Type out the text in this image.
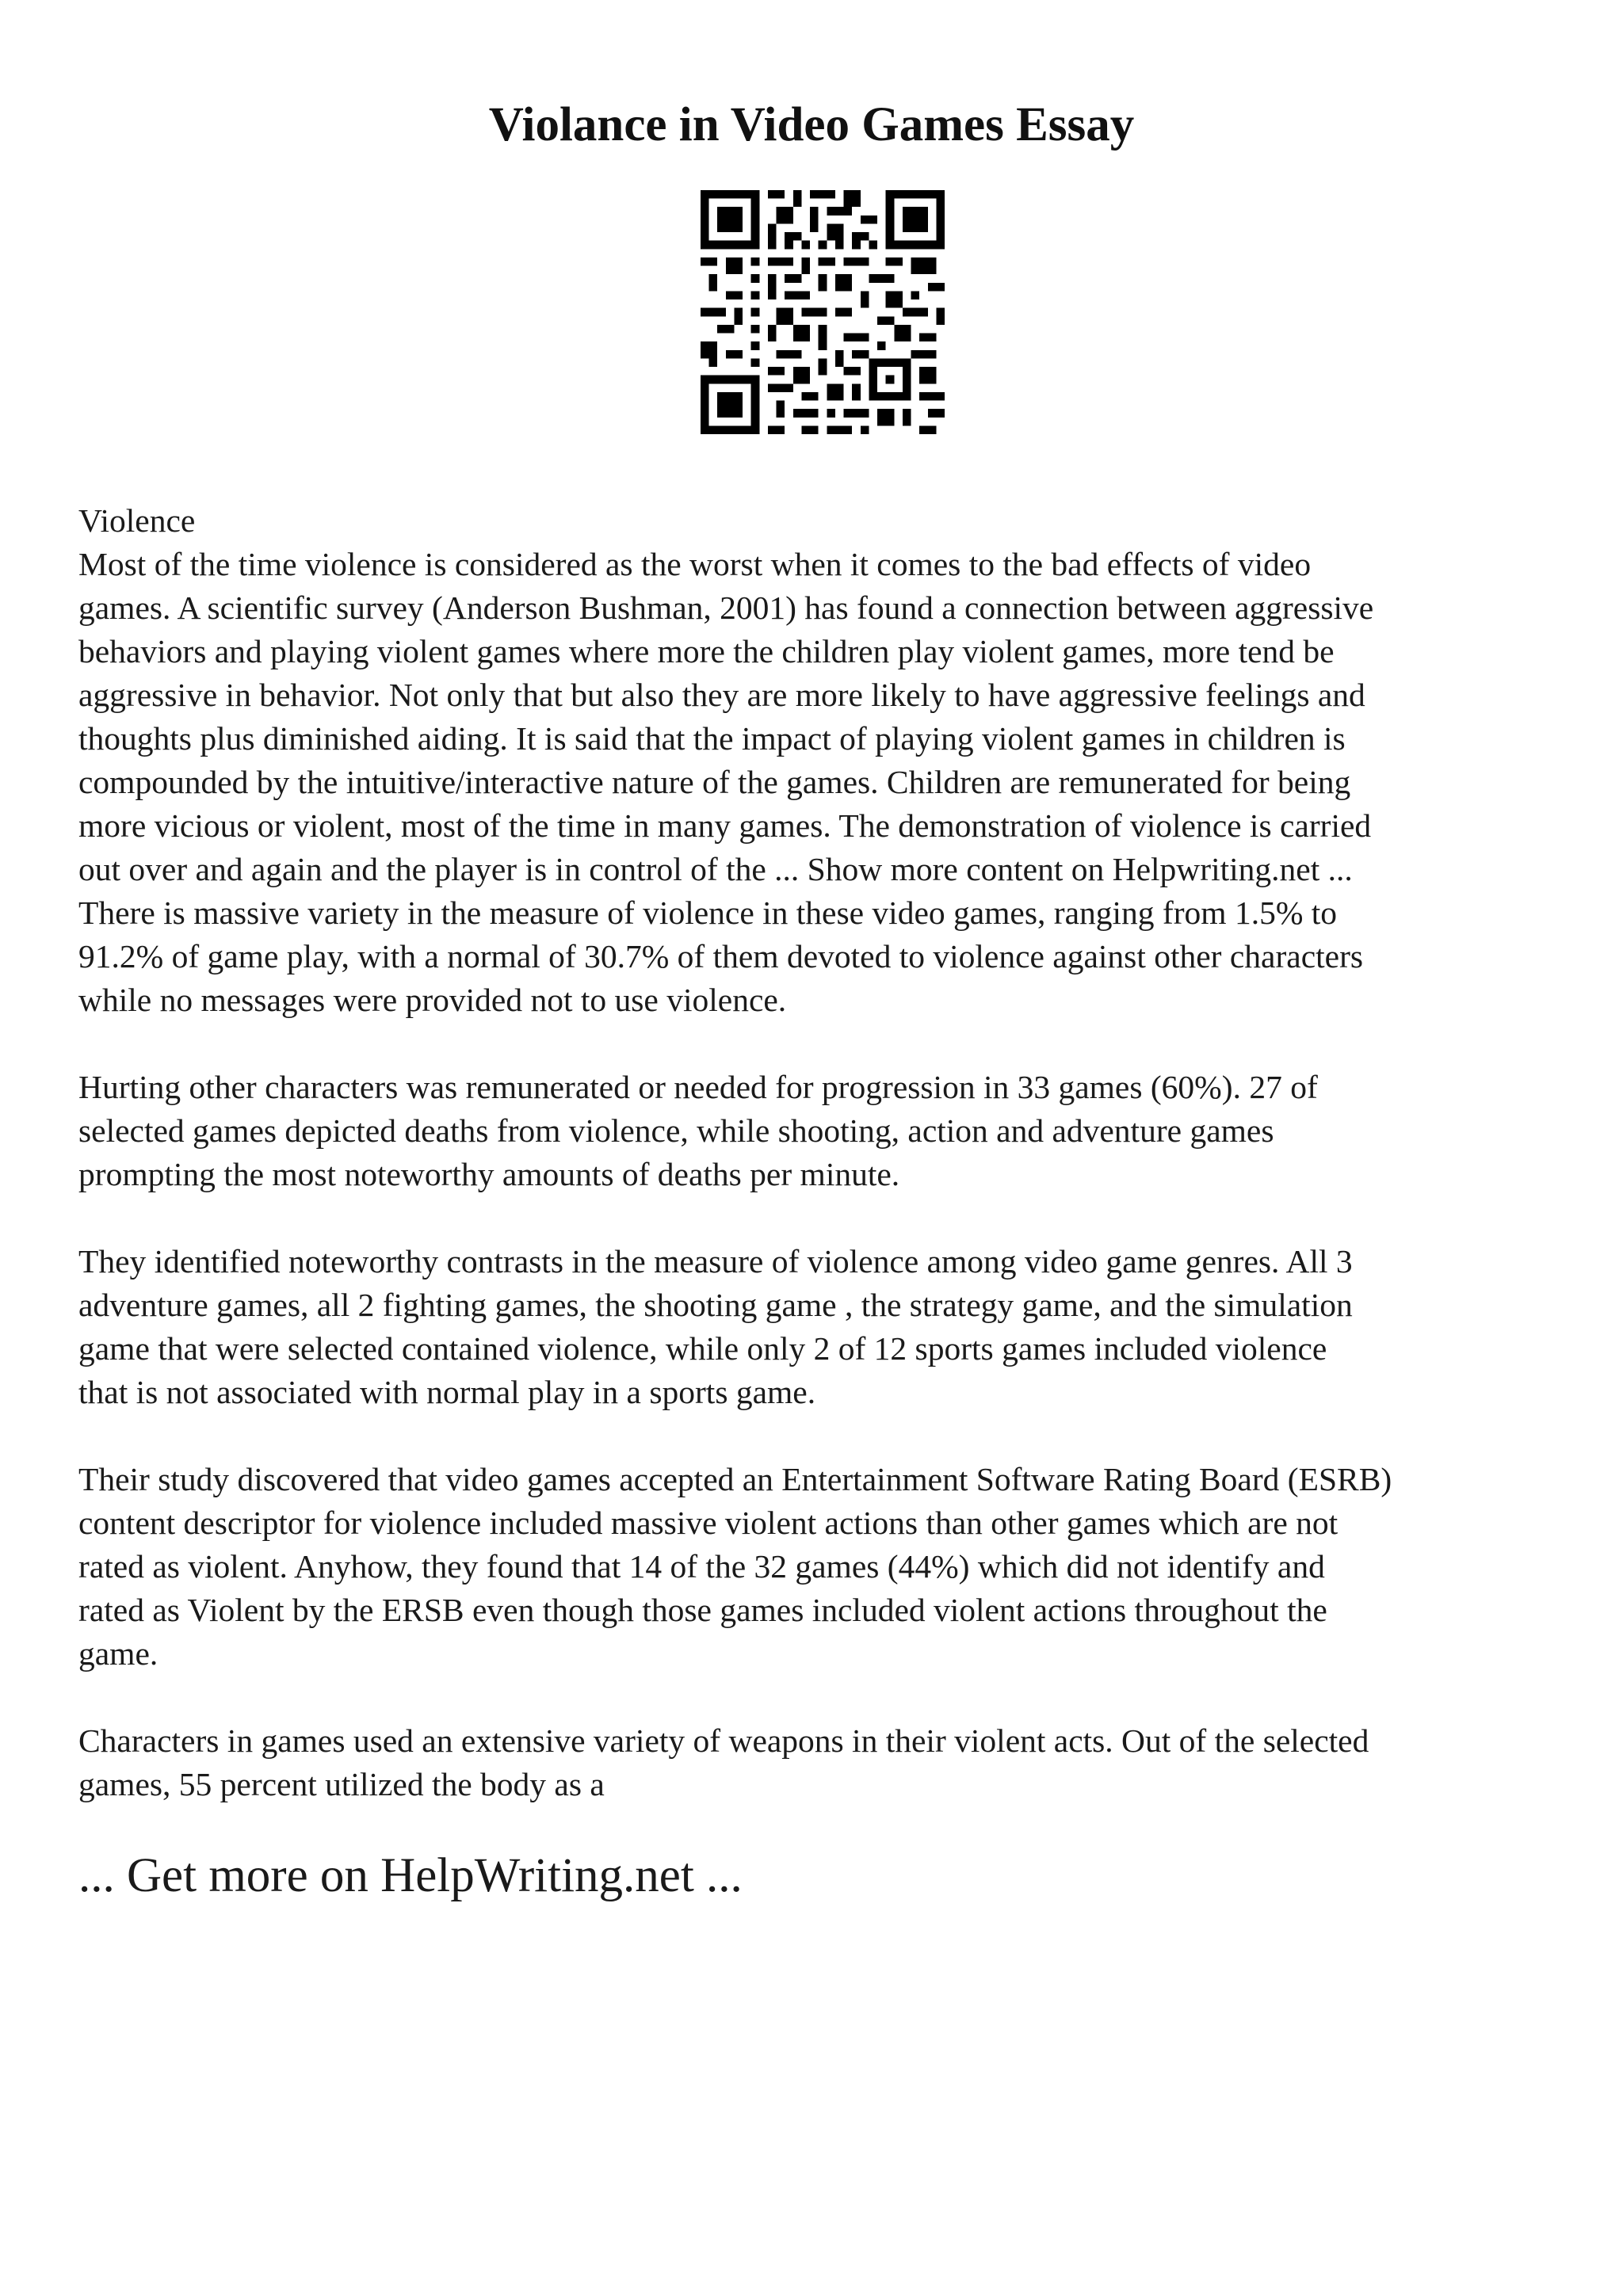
Violance in Video Games Essay

Violence
Most of the time violence is considered as the worst when it comes to the bad effects of video
games. A scientific survey (Anderson Bushman, 2001) has found a connection between aggressive
behaviors and playing violent games where more the children play violent games, more tend be
aggressive in behavior. Not only that but also they are more likely to have aggressive feelings and
thoughts plus diminished aiding. It is said that the impact of playing violent games in children is
compounded by the intuitive/interactive nature of the games. Children are remunerated for being
more vicious or violent, most of the time in many games. The demonstration of violence is carried
out over and again and the player is in control of the ... Show more content on Helpwriting.net ...
There is massive variety in the measure of violence in these video games, ranging from 1.5% to
91.2% of game play, with a normal of 30.7% of them devoted to violence against other characters
while no messages were provided not to use violence.

Hurting other characters was remunerated or needed for progression in 33 games (60%). 27 of
selected games depicted deaths from violence, while shooting, action and adventure games
prompting the most noteworthy amounts of deaths per minute.

They identified noteworthy contrasts in the measure of violence among video game genres. All 3
adventure games, all 2 fighting games, the shooting game , the strategy game, and the simulation
game that were selected contained violence, while only 2 of 12 sports games included violence
that is not associated with normal play in a sports game.

Their study discovered that video games accepted an Entertainment Software Rating Board (ESRB)
content descriptor for violence included massive violent actions than other games which are not
rated as violent. Anyhow, they found that 14 of the 32 games (44%) which did not identify and
rated as Violent by the ERSB even though those games included violent actions throughout the
game.

Characters in games used an extensive variety of weapons in their violent acts. Out of the selected
games, 55 percent utilized the body as a

... Get more on HelpWriting.net ...
